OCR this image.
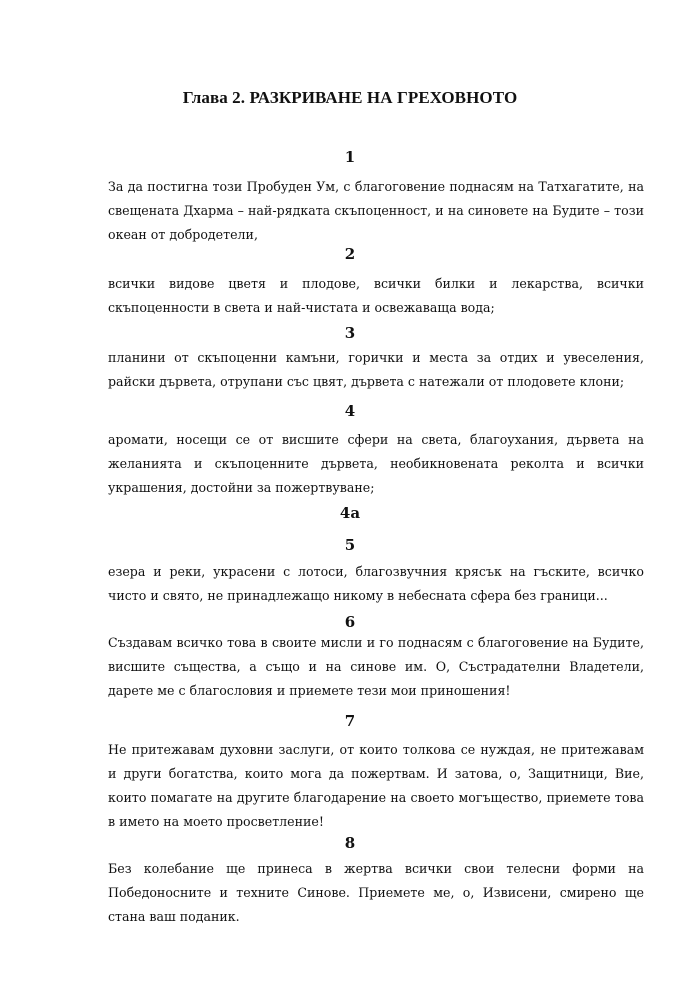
Глава 2. РАЗКРИВАНЕ НА ГРЕХОВНОТО
1

За да постигна този Пробуден Ум, с благоговение поднасям на Татхагатите, на свещената Дхарма – най-рядката скъпоценност, и на синовете на Будите – този океан от добродетели,

2

всички видове цветя и плодове, всички билки и лекарства, всички скъпоценности в света и най-чистата и освежаваща вода;

3

планини от скъпоценни камъни, горички и места за отдих и увеселения, райски дървета, отрупани със цвят, дървета с натежали от плодовете клони;

4

аромати, носещи се от висшите сфери на света, благоухания, дървета на желанията и скъпоценните дървета, необикновената реколта и всички украшения, достойни за пожертвуване;

4а
5

езера и реки, украсени с лотоси, благозвучния крясък на гъските, всичко чисто и свято, не принадлежащо никому в небесната сфера без граници...

6

Създавам всичко това в своите мисли и го поднасям с благоговение на Будите, висшите същества, а също и на синове им. О, Състрадателни Владетели, дарете ме с благословия и приемете тези мои приношения!

7

Не притежавам духовни заслуги, от които толкова се нуждая, не притежавам и други богатства, които мога да пожертвам. И затова, о, Защитници, Вие, които помагате на другите благодарение на своето могъщество, приемете това в името на моето просветление!

8

Без колебание ще принеса в жертва всички свои телесни форми на Победоносните и техните Синове. Приемете ме, о, Извисени, смирено ще стана ваш поданик.
